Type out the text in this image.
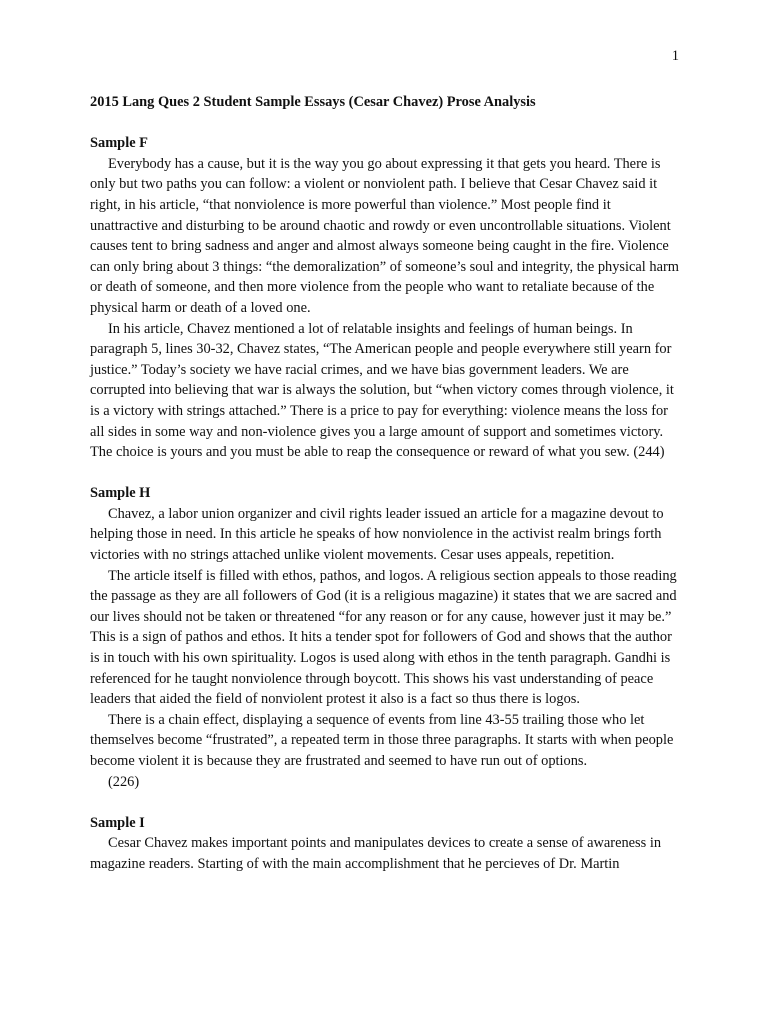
1

2015 Lang Ques 2 Student Sample Essays (Cesar Chavez) Prose Analysis

Sample F

Everybody has a cause, but it is the way you go about expressing it that gets you heard. There is only but two paths you can follow: a violent or nonviolent path. I believe that Cesar Chavez said it right, in his article, “that nonviolence is more powerful than violence.” Most people find it unattractive and disturbing to be around chaotic and rowdy or even uncontrollable situations. Violent causes tent to bring sadness and anger and almost always someone being caught in the fire. Violence can only bring about 3 things: “the demoralization” of someone’s soul and integrity, the physical harm or death of someone, and then more violence from the people who want to retaliate because of the physical harm or death of a loved one.

In his article, Chavez mentioned a lot of relatable insights and feelings of human beings. In paragraph 5, lines 30-32, Chavez states, “The American people and people everywhere still yearn for justice.” Today’s society we have racial crimes, and we have bias government leaders. We are corrupted into believing that war is always the solution, but “when victory comes through violence, it is a victory with strings attached.” There is a price to pay for everything: violence means the loss for all sides in some way and non-violence gives you a large amount of support and sometimes victory. The choice is yours and you must be able to reap the consequence or reward of what you sew. (244)

Sample H

Chavez, a labor union organizer and civil rights leader issued an article for a magazine devout to helping those in need. In this article he speaks of how nonviolence in the activist realm brings forth victories with no strings attached unlike violent movements. Cesar uses appeals, repetition.

The article itself is filled with ethos, pathos, and logos. A religious section appeals to those reading the passage as they are all followers of God (it is a religious magazine) it states that we are sacred and our lives should not be taken or threatened “for any reason or for any cause, however just it may be.” This is a sign of pathos and ethos. It hits a tender spot for followers of God and shows that the author is in touch with his own spirituality. Logos is used along with ethos in the tenth paragraph. Gandhi is referenced for he taught nonviolence through boycott. This shows his vast understanding of peace leaders that aided the field of nonviolent protest it also is a fact so thus there is logos.

There is a chain effect, displaying a sequence of events from line 43-55 trailing those who let themselves become “frustrated”, a repeated term in those three paragraphs. It starts with when people become violent it is because they are frustrated and seemed to have run out of options.

(226)

Sample I

Cesar Chavez makes important points and manipulates devices to create a sense of awareness in magazine readers. Starting of with the main accomplishment that he percieves of Dr. Martin
